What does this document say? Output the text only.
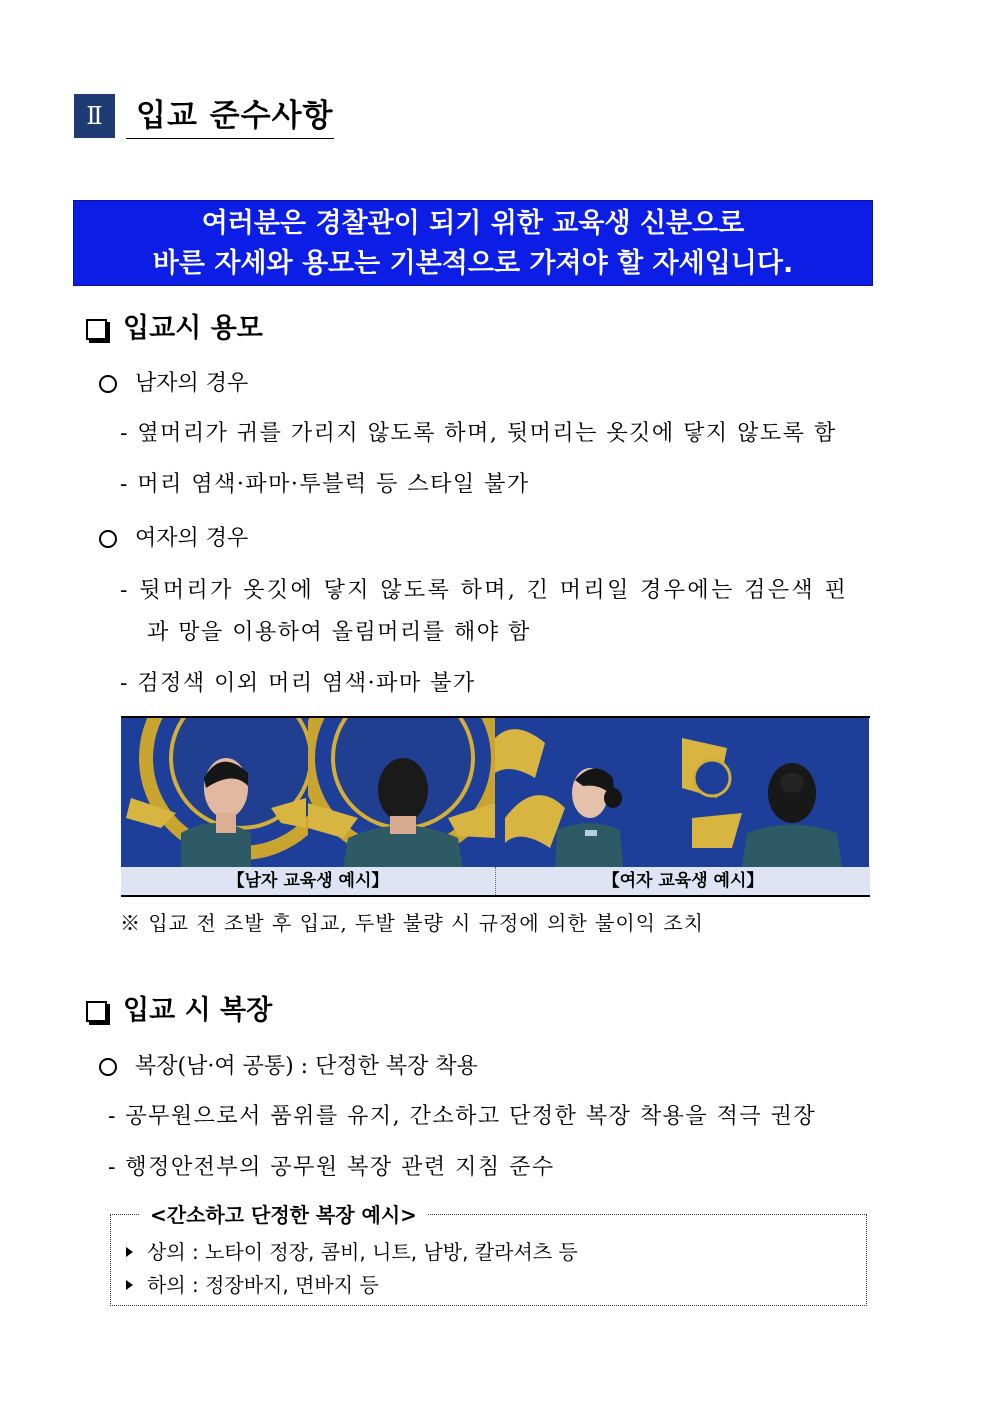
Ⅱ	입교 준수사항
여러분은 경찰관이 되기 위한 교육생 신분으로
바른 자세와 용모는 기본적으로 가져야 할 자세입니다.
입교시 용모
남자의 경우
- 옆머리가 귀를 가리지 않도록 하며, 뒷머리는 옷깃에 닿지 않도록 함
- 머리 염색·파마·투블럭 등 스타일 불가
여자의 경우
- 뒷머리가 옷깃에 닿지 않도록 하며, 긴 머리일 경우에는 검은색 핀
과 망을 이용하여 올림머리를 해야 함
- 검정색 이외 머리 염색·파마 불가
【남자 교육생 예시】	【여자 교육생 예시】
※ 입교 전 조발 후 입교, 두발 불량 시 규정에 의한 불이익 조치
입교 시 복장
복장(남·여 공통) : 단정한 복장 착용
- 공무원으로서 품위를 유지, 간소하고 단정한 복장 착용을 적극 권장
- 행정안전부의 공무원 복장 관련 지침 준수
<간소하고 단정한 복장 예시>
상의 : 노타이 정장, 콤비, 니트, 남방, 칼라셔츠 등
하의 : 정장바지, 면바지 등
